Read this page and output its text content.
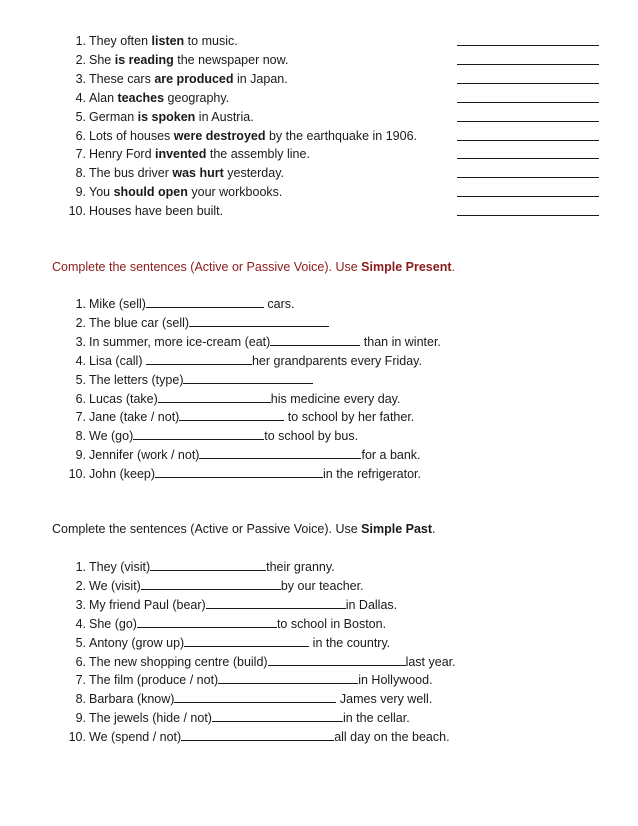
Complete the sentences (Active or Passive Voice). Use Simple Present.
Complete the sentences (Active or Passive Voice). Use Simple Past.
1. They often listen to music.
2. She is reading the newspaper now.
3. These cars are produced in Japan.
4. Alan teaches geography.
5. German is spoken in Austria.
6. Lots of houses were destroyed by the earthquake in 1906.
7. Henry Ford invented the assembly line.
8. The bus driver was hurt yesterday.
9. You should open your workbooks.
10. Houses have been built.
1. Mike (sell)	cars.
2. The blue car (sell)
3. In summer, more ice-cream (eat)	than in winter.
4. Lisa (call)	her grandparents every Friday.
5. The letters (type)
6. Lucas (take)	his medicine every day.
7. Jane (take / not)	to school by her father.
8. We (go)	to school by bus.
9. Jennifer (work / not)	for a bank.
10. John (keep)	in the refrigerator.
1. They (visit)	their granny.
2. We (visit)	by our teacher.
3. My friend Paul (bear)	in Dallas.
4. She (go)	to school in Boston.
5. Antony (grow up)	in the country.
6. The new shopping centre (build)	last year.
7. The film (produce / not)	in Hollywood.
8. Barbara (know)	James very well.
9. The jewels (hide / not)	in the cellar.
10. We (spend / not)	all day on the beach.
